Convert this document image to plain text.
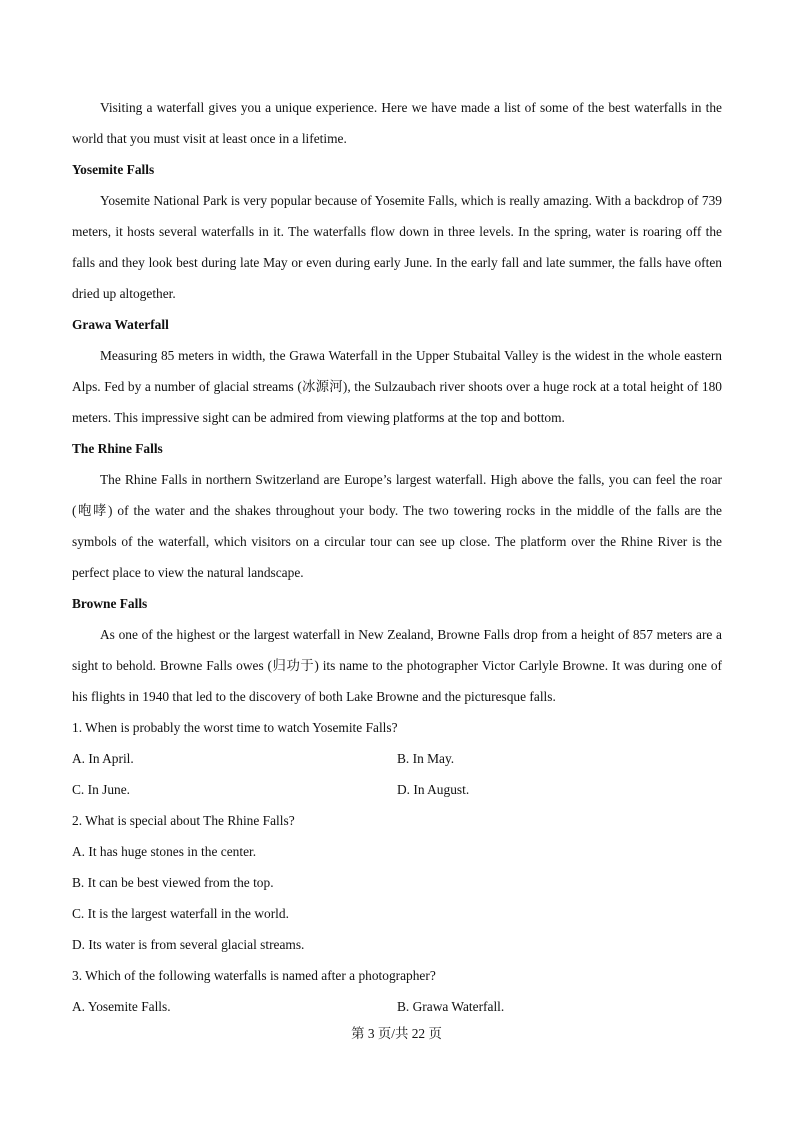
Visiting a waterfall gives you a unique experience. Here we have made a list of some of the best waterfalls in the world that you must visit at least once in a lifetime.

Yosemite Falls

Yosemite National Park is very popular because of Yosemite Falls, which is really amazing. With a backdrop of 739 meters, it hosts several waterfalls in it. The waterfalls flow down in three levels. In the spring, water is roaring off the falls and they look best during late May or even during early June. In the early fall and late summer, the falls have often dried up altogether.

Grawa Waterfall

Measuring 85 meters in width, the Grawa Waterfall in the Upper Stubaital Valley is the widest in the whole eastern Alps. Fed by a number of glacial streams (冰源河), the Sulzaubach river shoots over a huge rock at a total height of 180 meters. This impressive sight can be admired from viewing platforms at the top and bottom.

The Rhine Falls

The Rhine Falls in northern Switzerland are Europe’s largest waterfall. High above the falls, you can feel the roar (咆哮) of the water and the shakes throughout your body. The two towering rocks in the middle of the falls are the symbols of the waterfall, which visitors on a circular tour can see up close. The platform over the Rhine River is the perfect place to view the natural landscape.

Browne Falls

As one of the highest or the largest waterfall in New Zealand, Browne Falls drop from a height of 857 meters are a sight to behold. Browne Falls owes (归功于) its name to the photographer Victor Carlyle Browne. It was during one of his flights in 1940 that led to the discovery of both Lake Browne and the picturesque falls.

1. When is probably the worst time to watch Yosemite Falls?

A. In April.	B. In May.
C. In June.	D. In August.

2. What is special about The Rhine Falls?

A. It has huge stones in the center.

B. It can be best viewed from the top.

C. It is the largest waterfall in the world.

D. Its water is from several glacial streams.

3. Which of the following waterfalls is named after a photographer?

A. Yosemite Falls.	B. Grawa Waterfall.
第 3 页/共 22 页
